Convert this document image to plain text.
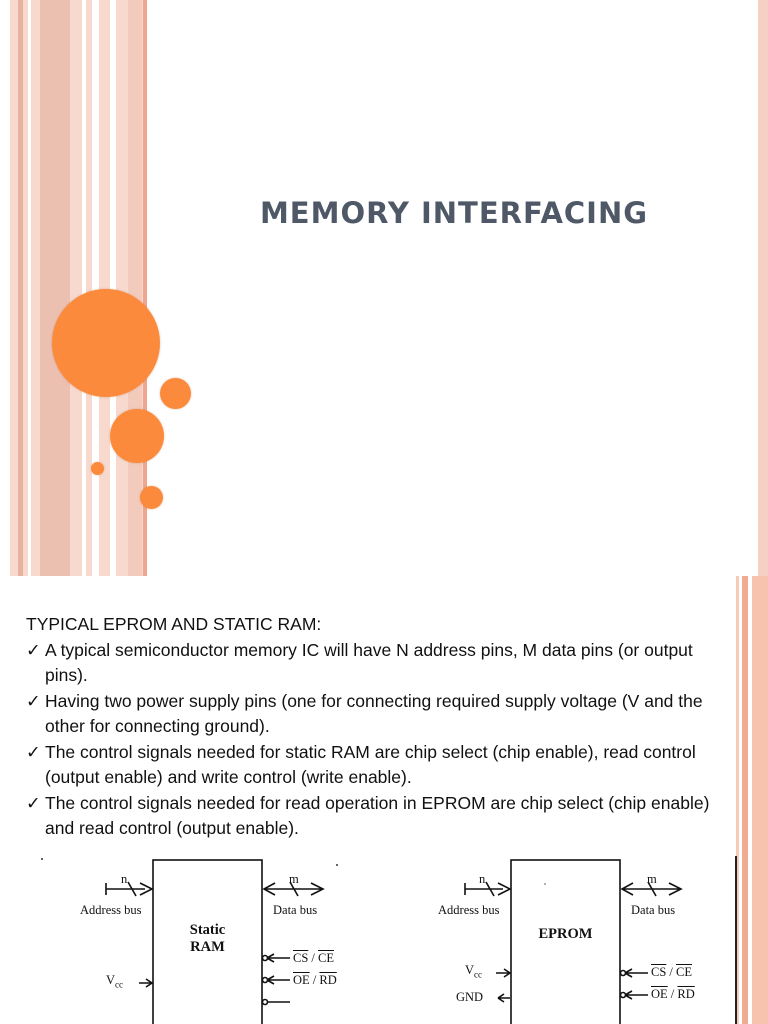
MEMORY INTERFACING

TYPICAL EPROM AND STATIC RAM:

✓ A typical semiconductor memory IC will have N address pins, M data pins (or output pins).
✓ Having two power supply pins (one for connecting required supply voltage (V and the other for connecting ground).
✓ The control signals needed for static RAM are chip select (chip enable), read control (output enable) and write control (write enable).
✓ The control signals needed for read operation in EPROM are chip select (chip enable) and read control (output enable).
n
Address bus
m
Data bus
Static
RAM
$V_{cc}$
$\overline{CS} / \overline{CE}$
$\overline{OE} / \overline{RD}$
n
Address bus
m
Data bus
EPROM
$V_{cc}$
GND
$\overline{CS} / \overline{CE}$
$\overline{OE} / \overline{RD}$
